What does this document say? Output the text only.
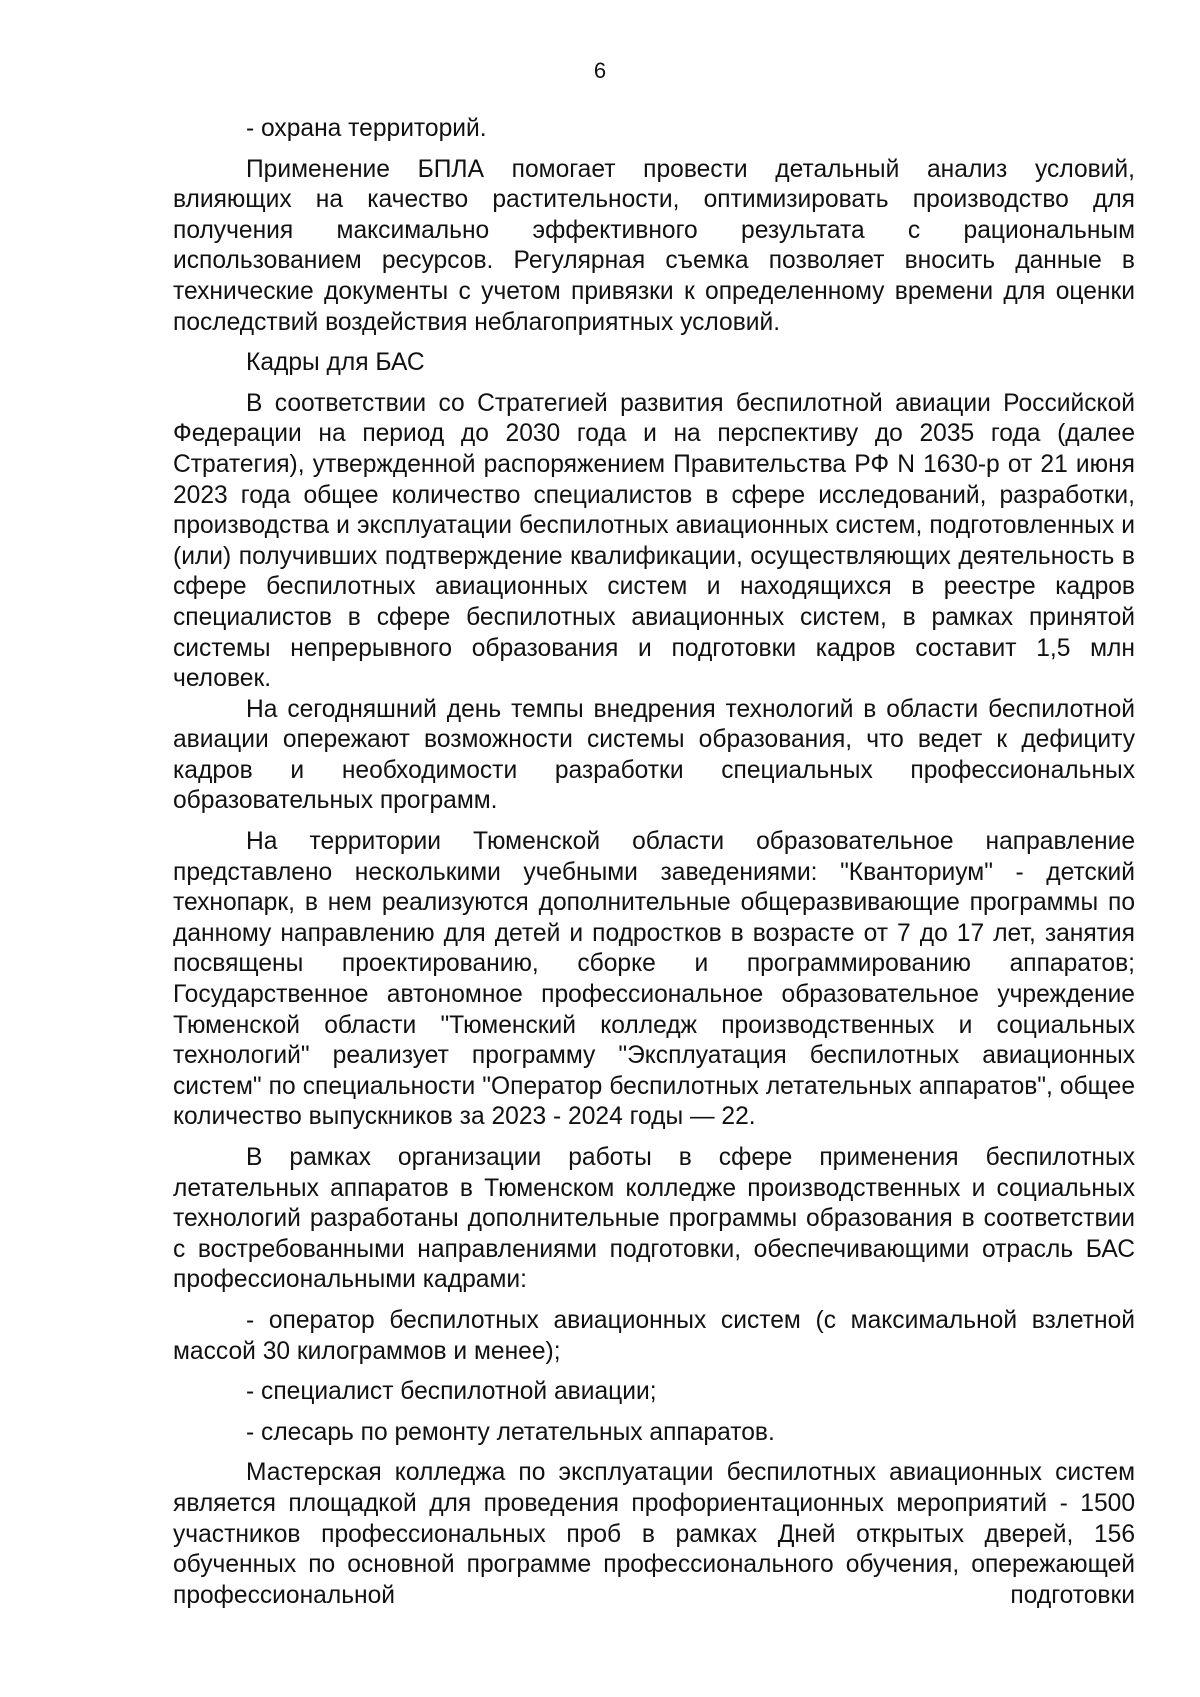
6

- охрана территорий.

Применение БПЛА помогает провести детальный анализ условий, влияющих на качество растительности, оптимизировать производство для получения максимально эффективного результата с рациональным использованием ресурсов. Регулярная съемка позволяет вносить данные в технические документы с учетом привязки к определенному времени для оценки последствий воздействия неблагоприятных условий.

Кадры для БАС

В соответствии со Стратегией развития беспилотной авиации Российской Федерации на период до 2030 года и на перспективу до 2035 года (далее Стратегия), утвержденной распоряжением Правительства РФ N 1630-р от 21 июня 2023 года общее количество специалистов в сфере исследований, разработки, производства и эксплуатации беспилотных авиационных систем, подготовленных и (или) получивших подтверждение квалификации, осуществляющих деятельность в сфере беспилотных авиационных систем и находящихся в реестре кадров специалистов в сфере беспилотных авиационных систем, в рамках принятой системы непрерывного образования и подготовки кадров составит 1,5 млн человек.

На сегодняшний день темпы внедрения технологий в области беспилотной авиации опережают возможности системы образования, что ведет к дефициту кадров и необходимости разработки специальных профессиональных образовательных программ.

На территории Тюменской области образовательное направление представлено несколькими учебными заведениями: "Кванториум" - детский технопарк, в нем реализуются дополнительные общеразвивающие программы по данному направлению для детей и подростков в возрасте от 7 до 17 лет, занятия посвящены проектированию, сборке и программированию аппаратов; Государственное автономное профессиональное образовательное учреждение Тюменской области "Тюменский колледж производственных и социальных технологий" реализует программу "Эксплуатация беспилотных авиационных систем" по специальности "Оператор беспилотных летательных аппаратов", общее количество выпускников за 2023 - 2024 годы — 22.

В рамках организации работы в сфере применения беспилотных летательных аппаратов в Тюменском колледже производственных и социальных технологий разработаны дополнительные программы образования в соответствии с востребованными направлениями подготовки, обеспечивающими отрасль БАС профессиональными кадрами:

- оператор беспилотных авиационных систем (с максимальной взлетной массой 30 килограммов и менее);

- специалист беспилотной авиации;

- слесарь по ремонту летательных аппаратов.

Мастерская колледжа по эксплуатации беспилотных авиационных систем является площадкой для проведения профориентационных мероприятий - 1500 участников профессиональных проб в рамках Дней открытых дверей, 156 обученных по основной программе профессионального обучения, опережающей профессиональной подготовки
